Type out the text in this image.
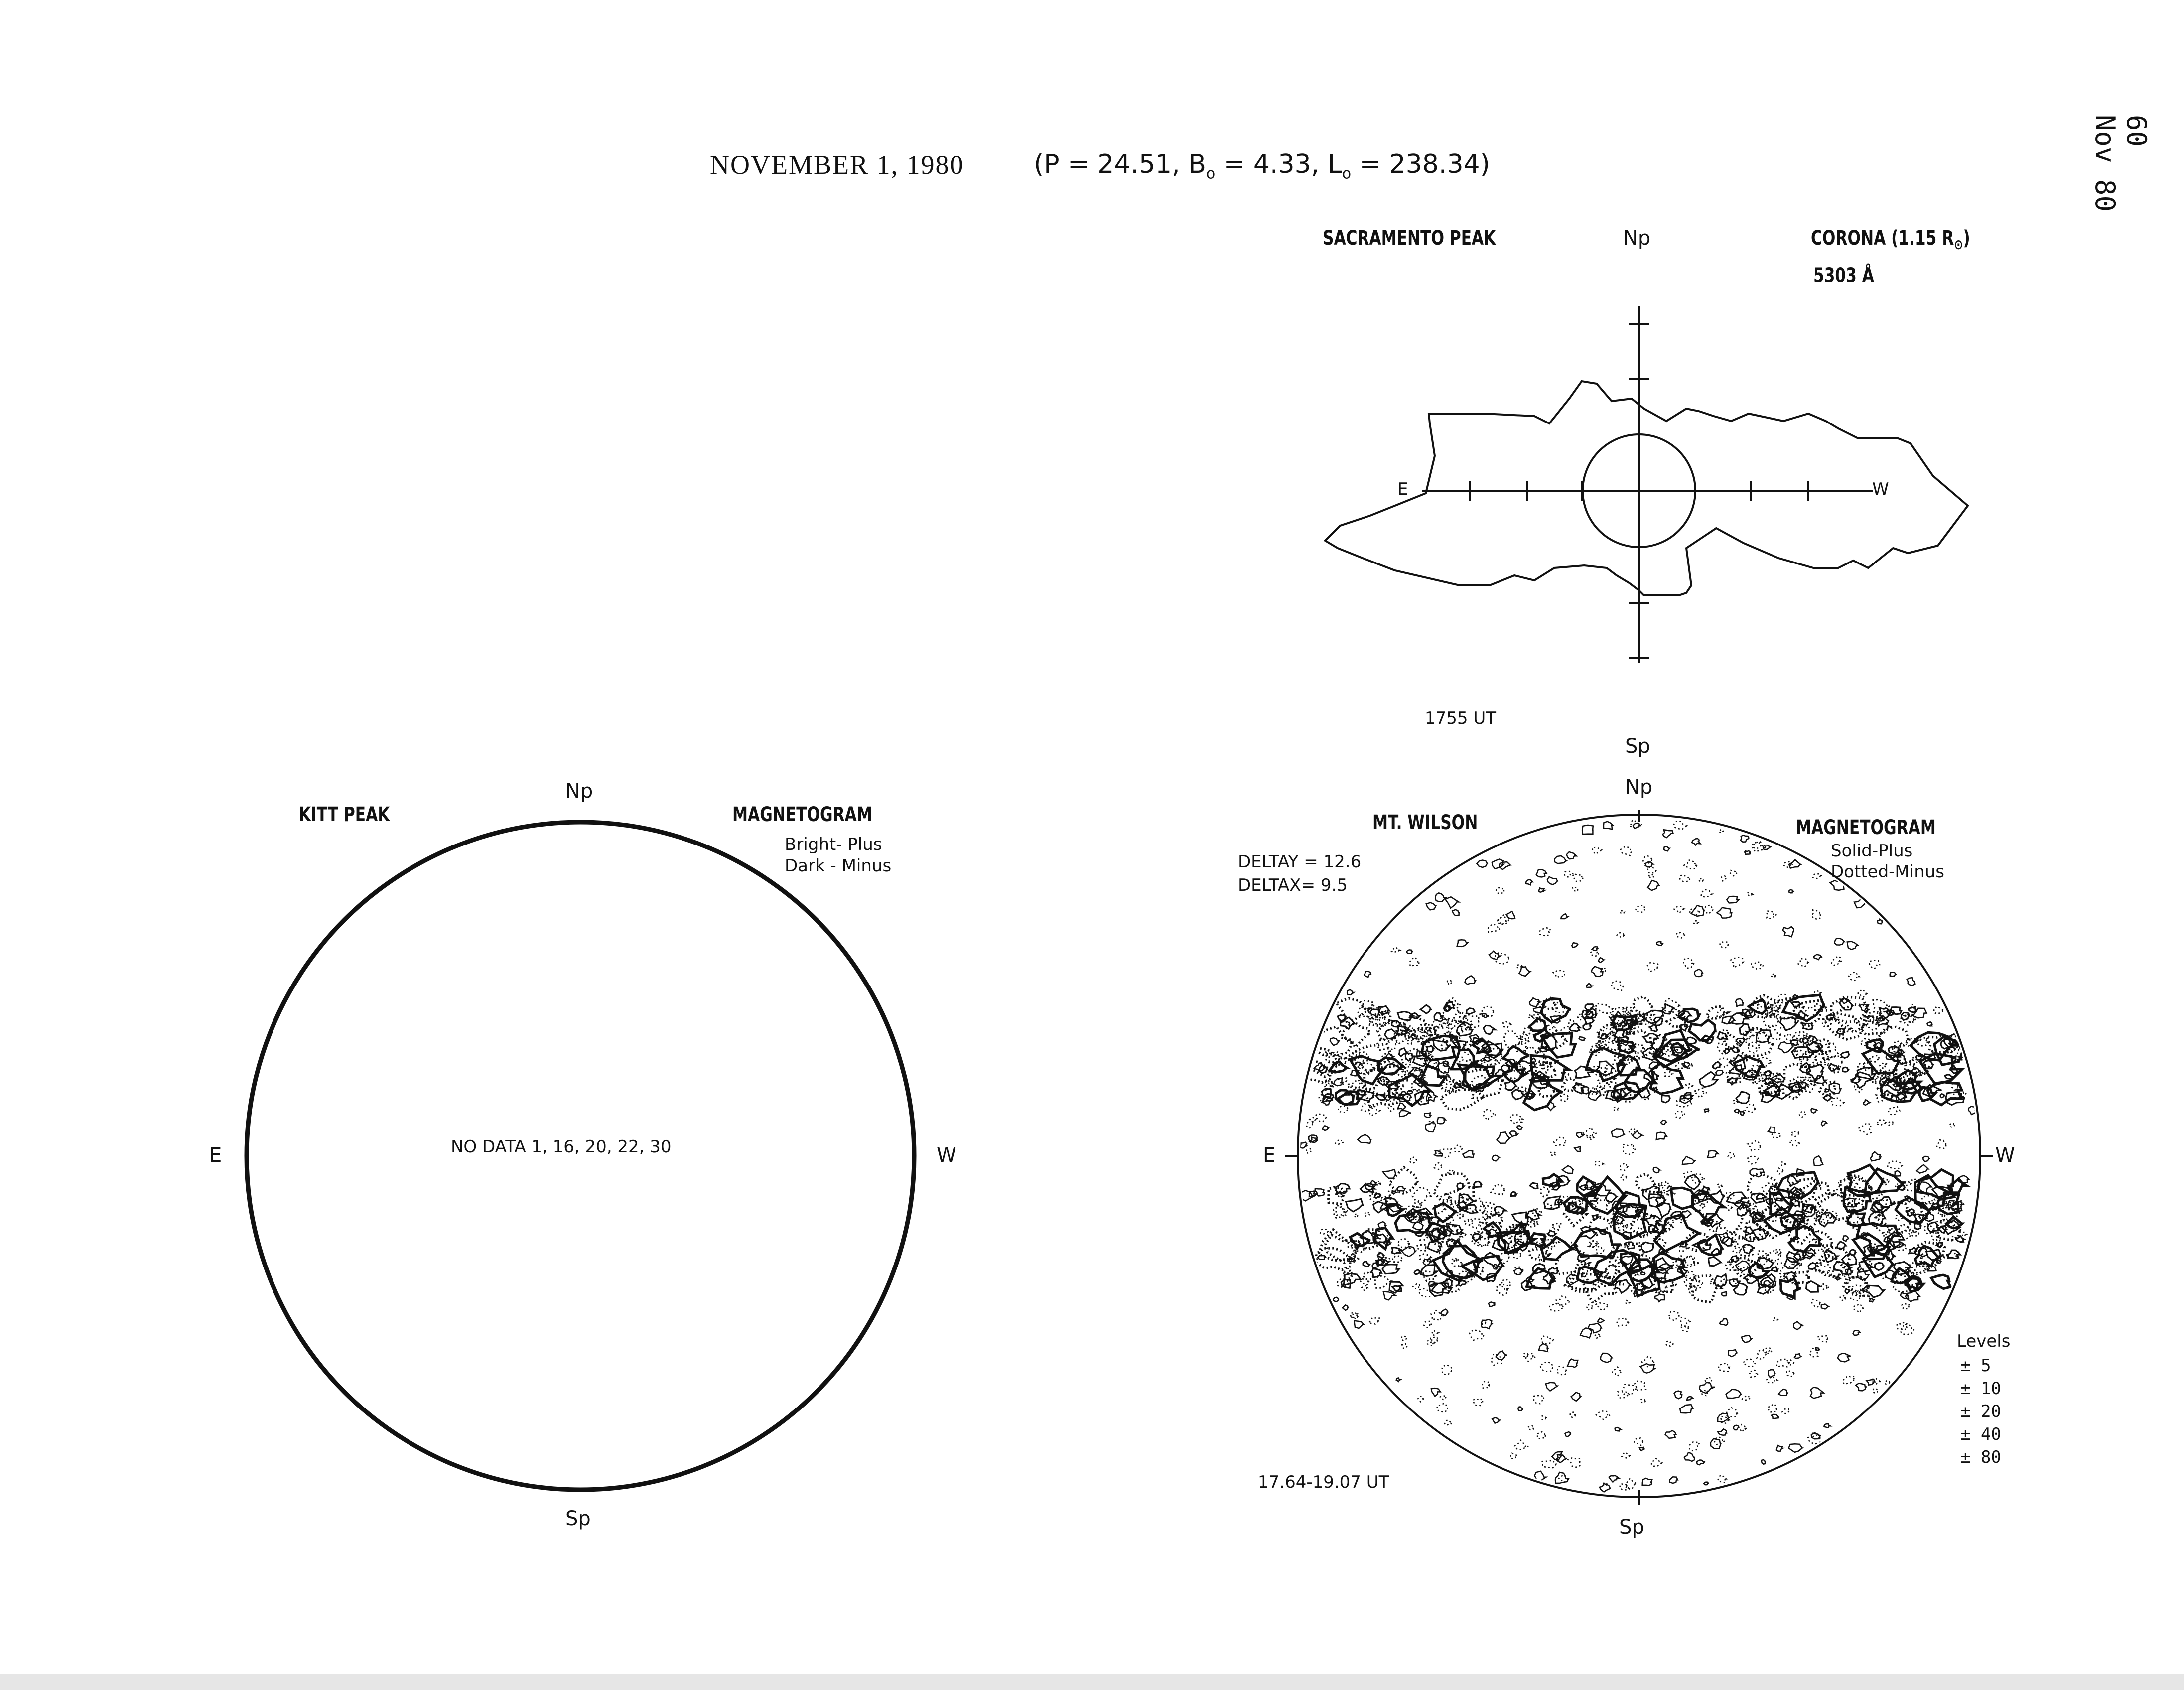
NOVEMBER 1, 1980	(P = 24.51, $B_o = 4.33$, $L_o = 238.34$)
60
Nov 80
SACRAMENTO PEAK	Np	CORONA (1.15 $R_⊙$)
5303 Å
E	W
1755 UT
Sp
KITT PEAK
Np
MAGNETOGRAM
Bright- Plus
Dark - Minus
E	W
NO DATA 1, 16, 20, 22, 30
Sp
Np
MT. WILSON	MAGNETOGRAM
Solid-Plus
Dotted-Minus
DELTAY = 12.6
DELTAX= 9.5
E	W
Levels
± 5
± 10
± 20
± 40
± 80
17.64-19.07 UT
Sp
